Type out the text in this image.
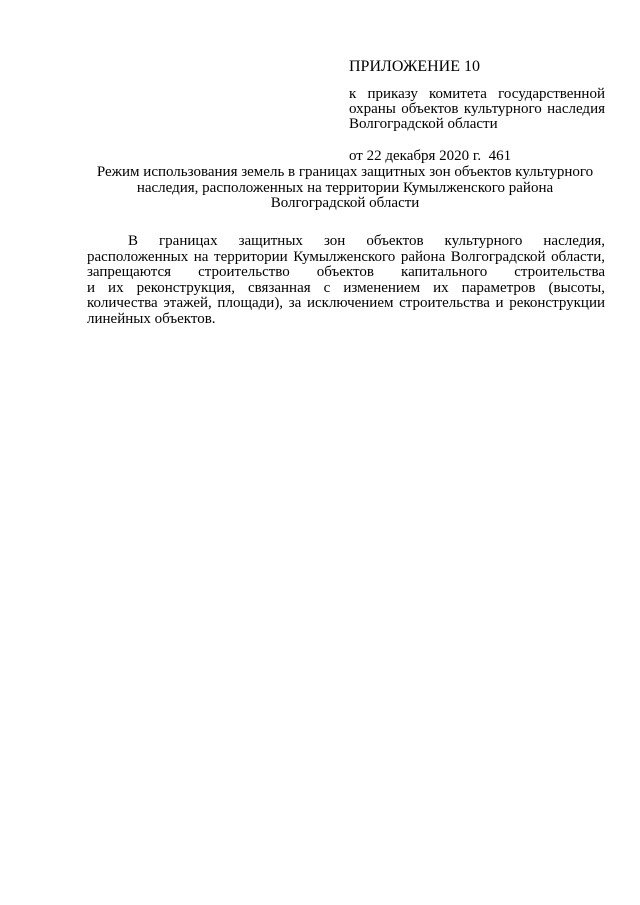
ПРИЛОЖЕНИЕ 10
к приказу комитета государственной
охраны объектов культурного наследия
Волгоградской области
от 22 декабря 2020 г.  461
Режим использования земель в границах защитных зон объектов культурного
наследия, расположенных на территории Кумылженского района
Волгоградской области
В границах защитных зон объектов культурного наследия,
расположенных на территории Кумылженского района Волгоградской области,
запрещаются строительство объектов капитального строительства
и их реконструкция, связанная с изменением их параметров (высоты,
количества этажей, площади), за исключением строительства и реконструкции
линейных объектов.
